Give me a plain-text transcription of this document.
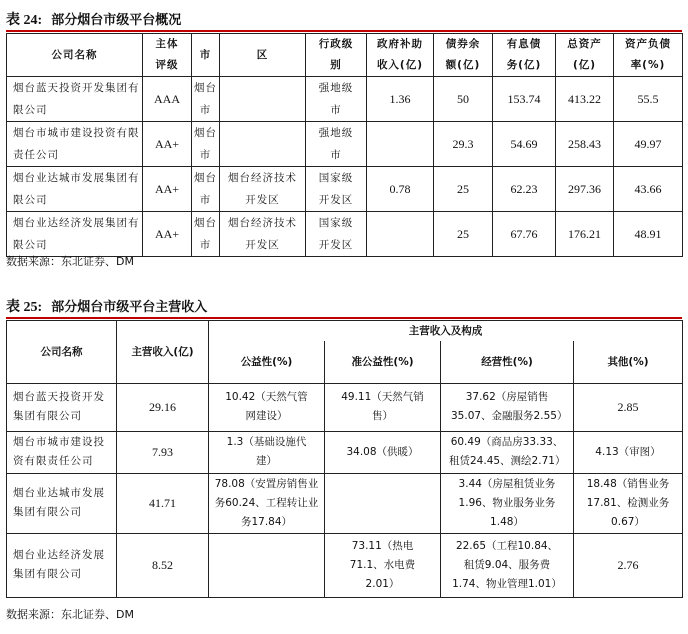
表 24: 部分烟台市级平台概况
公司名称	主体评级	市	区	行政级别	政府补助收入(亿)	债券余额(亿)	有息债务(亿)	总资产(亿)	资产负债率(%)
烟台蓝天投资开发集团有限公司	AAA	烟台市		强地级市	1.36	50	153.74	413.22	55.5
烟台市城市建设投资有限责任公司	AA+	烟台市		强地级市		29.3	54.69	258.43	49.97
烟台业达城市发展集团有限公司	AA+	烟台市	烟台经济技术开发区	国家级开发区	0.78	25	62.23	297.36	43.66
烟台业达经济发展集团有限公司	AA+	烟台市	烟台经济技术开发区	国家级开发区		25	67.76	176.21	48.91
数据来源：东北证券、DM
表 25: 部分烟台市级平台主营收入
公司名称	主营收入(亿)	主营收入及构成			
		公益性(%)	准公益性(%)	经营性(%)	其他(%)
烟台蓝天投资开发集团有限公司	29.16	10.42（天然气管网建设）	49.11（天然气销售）	37.62（房屋销售35.07、金融服务2.55）	2.85
烟台市城市建设投资有限责任公司	7.93	1.3（基础设施代建）	34.08（供暖）	60.49（商品房33.33、租赁24.45、测绘2.71）	4.13（审图）
烟台业达城市发展集团有限公司	41.71	78.08（安置房销售业务60.24、工程转让业务17.84）		3.44（房屋租赁业务1.96、物业服务业务1.48）	18.48（销售业务17.81、检测业务0.67）
烟台业达经济发展集团有限公司	8.52		73.11（热电71.1、水电费2.01）	22.65（工程10.84、租赁9.04、服务费1.74、物业管理1.01）	2.76
数据来源：东北证券、DM
